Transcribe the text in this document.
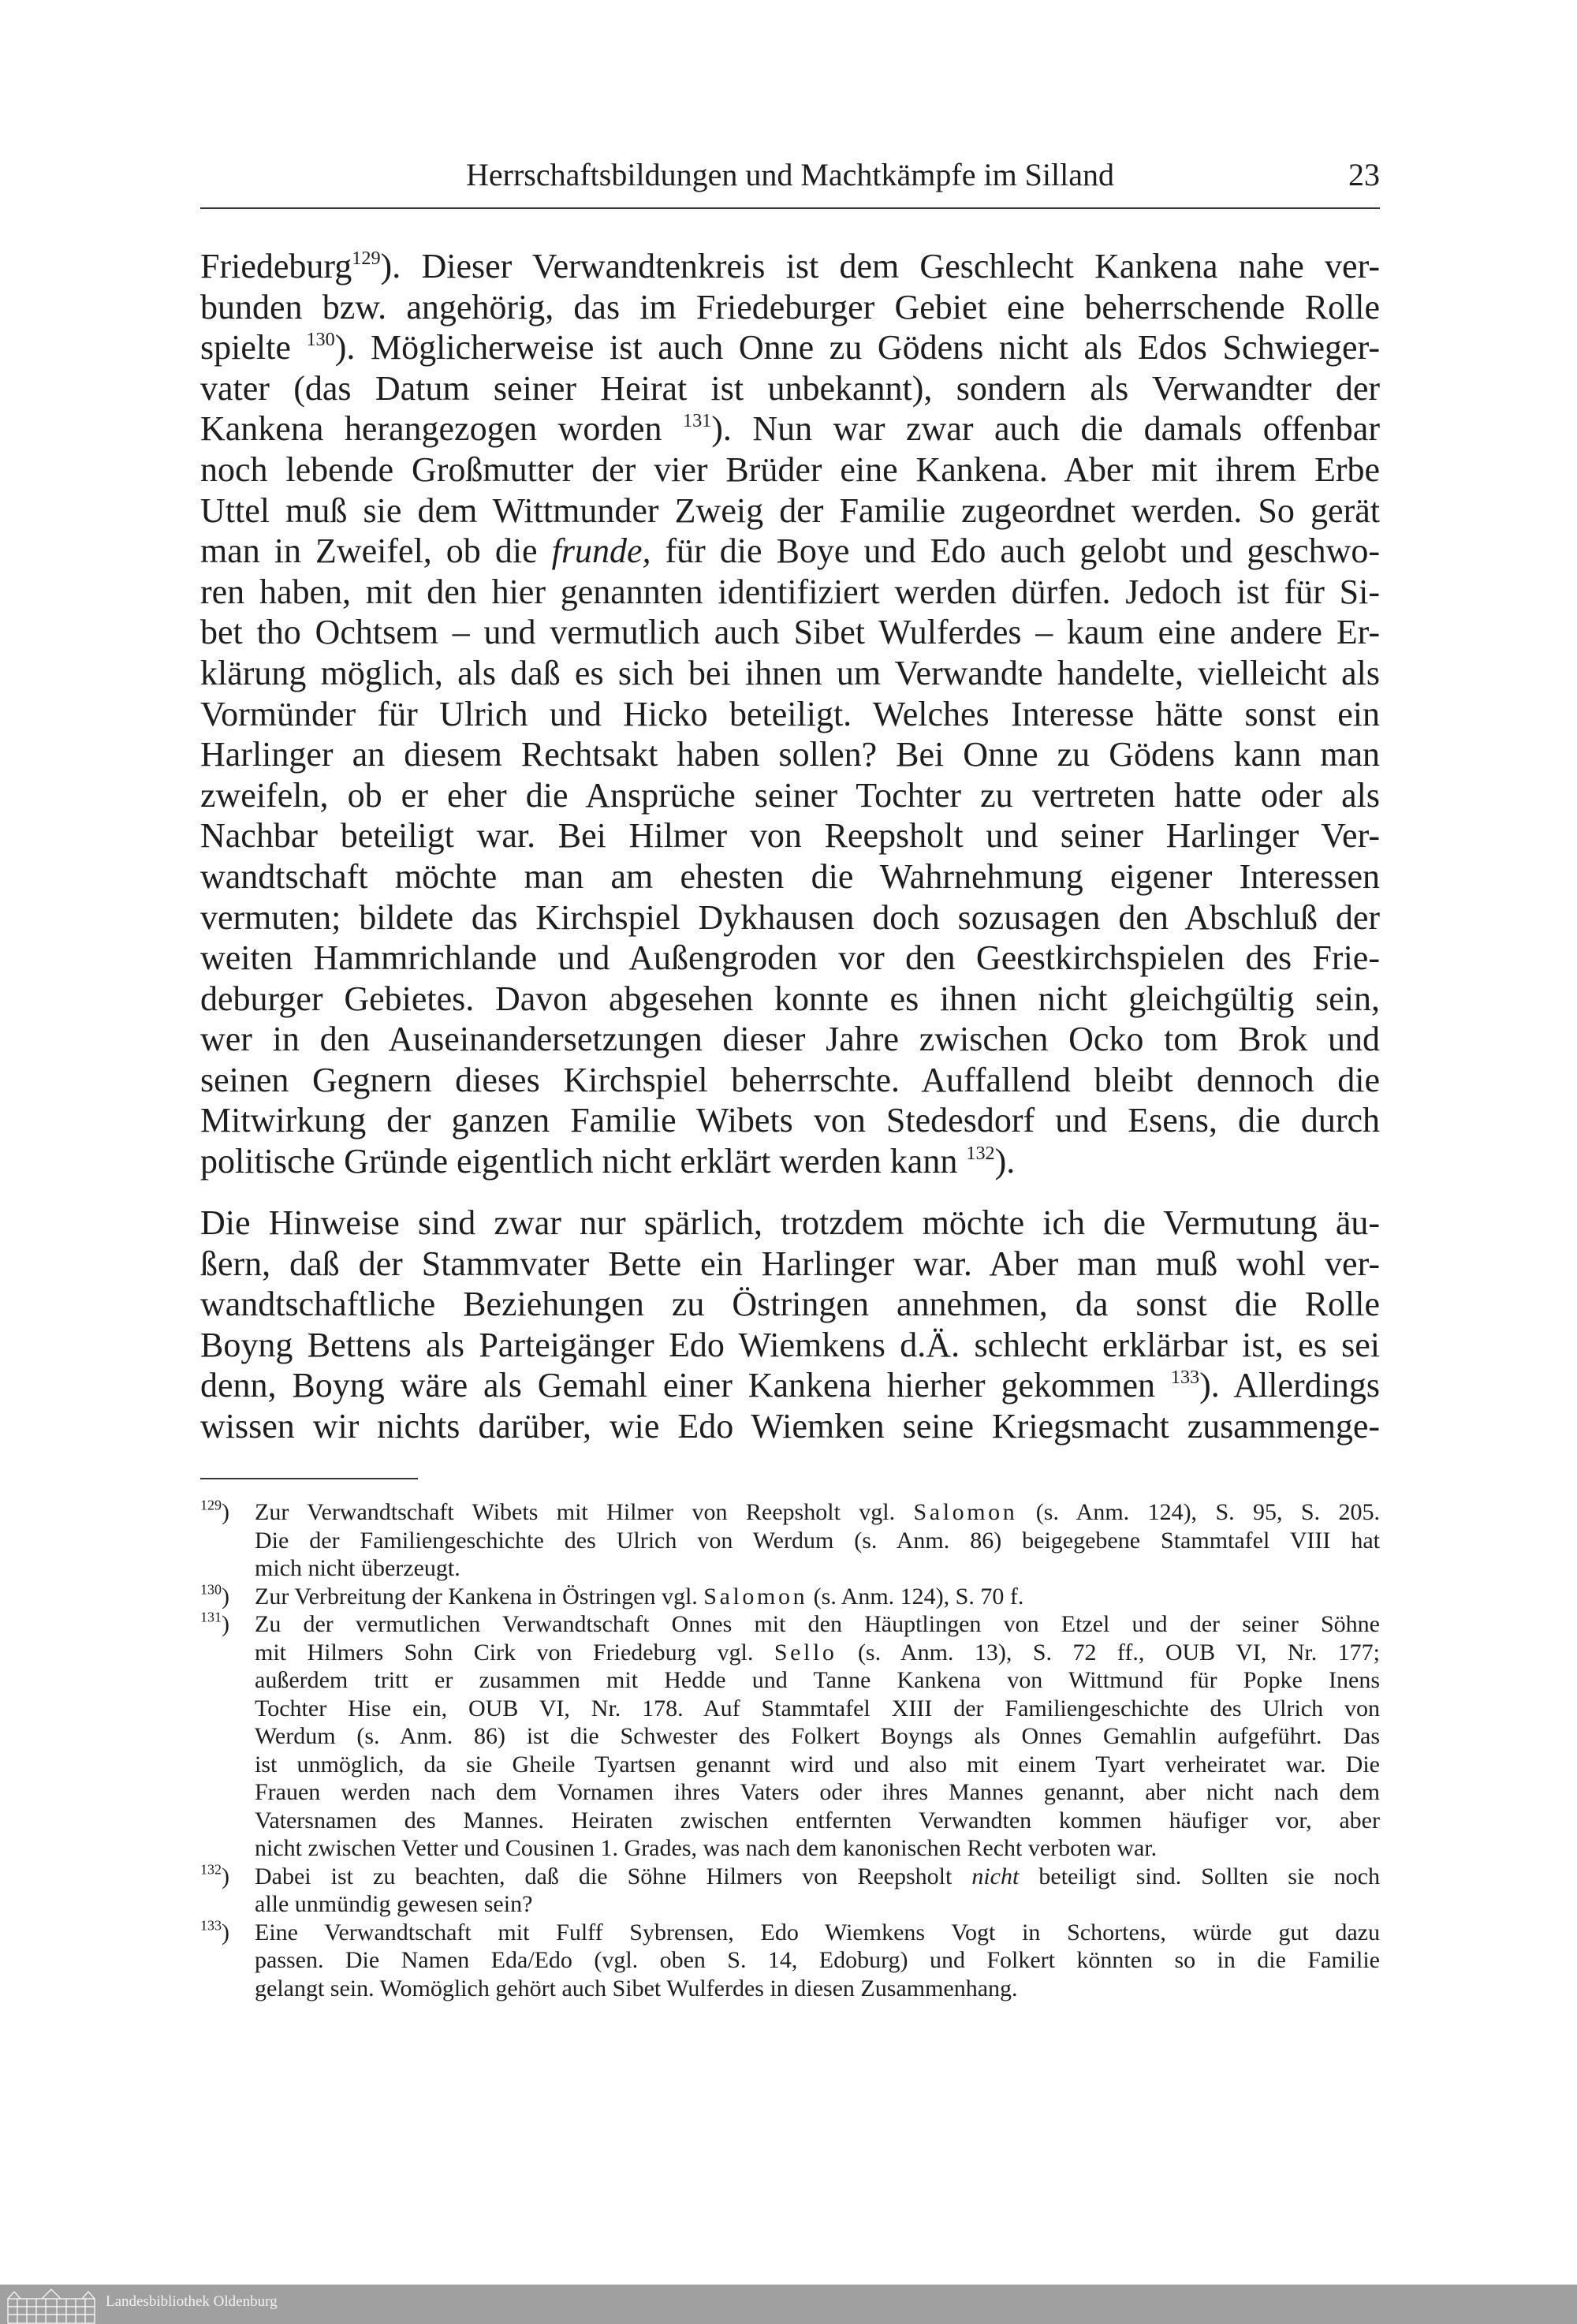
Herrschaftsbildungen und Machtkämpfe im Silland	23
Friedeburg$^{129}$). Dieser Verwandtenkreis ist dem Geschlecht Kankena nahe ver-
bunden bzw. angehörig, das im Friedeburger Gebiet eine beherrschende Rolle
spielte $^{130}$). Möglicherweise ist auch Onne zu Gödens nicht als Edos Schwieger-
vater (das Datum seiner Heirat ist unbekannt), sondern als Verwandter der
Kankena herangezogen worden $^{131}$). Nun war zwar auch die damals offenbar
noch lebende Großmutter der vier Brüder eine Kankena. Aber mit ihrem Erbe
Uttel muß sie dem Wittmunder Zweig der Familie zugeordnet werden. So gerät
man in Zweifel, ob die frunde, für die Boye und Edo auch gelobt und geschwo-
ren haben, mit den hier genannten identifiziert werden dürfen. Jedoch ist für Si-
bet tho Ochtsem – und vermutlich auch Sibet Wulferdes – kaum eine andere Er-
klärung möglich, als daß es sich bei ihnen um Verwandte handelte, vielleicht als
Vormünder für Ulrich und Hicko beteiligt. Welches Interesse hätte sonst ein
Harlinger an diesem Rechtsakt haben sollen? Bei Onne zu Gödens kann man
zweifeln, ob er eher die Ansprüche seiner Tochter zu vertreten hatte oder als
Nachbar beteiligt war. Bei Hilmer von Reepsholt und seiner Harlinger Ver-
wandtschaft möchte man am ehesten die Wahrnehmung eigener Interessen
vermuten; bildete das Kirchspiel Dykhausen doch sozusagen den Abschluß der
weiten Hammrichlande und Außengroden vor den Geestkirchspielen des Frie-
deburger Gebietes. Davon abgesehen konnte es ihnen nicht gleichgültig sein,
wer in den Auseinandersetzungen dieser Jahre zwischen Ocko tom Brok und
seinen Gegnern dieses Kirchspiel beherrschte. Auffallend bleibt dennoch die
Mitwirkung der ganzen Familie Wibets von Stedesdorf und Esens, die durch
politische Gründe eigentlich nicht erklärt werden kann $^{132}$).
Die Hinweise sind zwar nur spärlich, trotzdem möchte ich die Vermutung äu-
ßern, daß der Stammvater Bette ein Harlinger war. Aber man muß wohl ver-
wandtschaftliche Beziehungen zu Östringen annehmen, da sonst die Rolle
Boyng Bettens als Parteigänger Edo Wiemkens d.Ä. schlecht erklärbar ist, es sei
denn, Boyng wäre als Gemahl einer Kankena hierher gekommen $^{133}$). Allerdings
wissen wir nichts darüber, wie Edo Wiemken seine Kriegsmacht zusammenge-
$^{129}$) Zur Verwandtschaft Wibets mit Hilmer von Reepsholt vgl. Salomon (s. Anm. 124), S. 95, S. 205.
Die der Familiengeschichte des Ulrich von Werdum (s. Anm. 86) beigegebene Stammtafel VIII hat
mich nicht überzeugt.
$^{130}$) Zur Verbreitung der Kankena in Östringen vgl. Salomon (s. Anm. 124), S. 70 f.
$^{131}$) Zu der vermutlichen Verwandtschaft Onnes mit den Häuptlingen von Etzel und der seiner Söhne
mit Hilmers Sohn Cirk von Friedeburg vgl. Sello (s. Anm. 13), S. 72 ff., OUB VI, Nr. 177;
außerdem tritt er zusammen mit Hedde und Tanne Kankena von Wittmund für Popke Inens
Tochter Hise ein, OUB VI, Nr. 178. Auf Stammtafel XIII der Familiengeschichte des Ulrich von
Werdum (s. Anm. 86) ist die Schwester des Folkert Boyngs als Onnes Gemahlin aufgeführt. Das
ist unmöglich, da sie Gheile Tyartsen genannt wird und also mit einem Tyart verheiratet war. Die
Frauen werden nach dem Vornamen ihres Vaters oder ihres Mannes genannt, aber nicht nach dem
Vatersnamen des Mannes. Heiraten zwischen entfernten Verwandten kommen häufiger vor, aber
nicht zwischen Vetter und Cousinen 1. Grades, was nach dem kanonischen Recht verboten war.
$^{132}$) Dabei ist zu beachten, daß die Söhne Hilmers von Reepsholt nicht beteiligt sind. Sollten sie noch
alle unmündig gewesen sein?
$^{133}$) Eine Verwandtschaft mit Fulff Sybrensen, Edo Wiemkens Vogt in Schortens, würde gut dazu
passen. Die Namen Eda/Edo (vgl. oben S. 14, Edoburg) und Folkert könnten so in die Familie
gelangt sein. Womöglich gehört auch Sibet Wulferdes in diesen Zusammenhang.
Landesbibliothek Oldenburg
